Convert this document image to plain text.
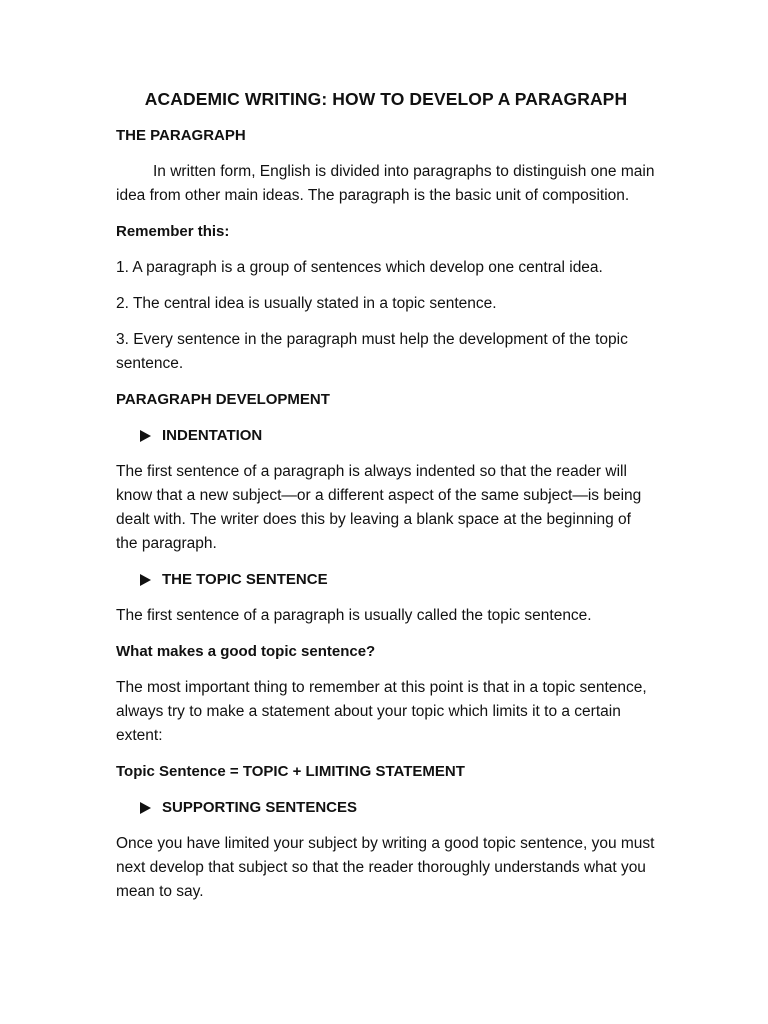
ACADEMIC WRITING: HOW TO DEVELOP A PARAGRAPH
THE PARAGRAPH
In written form, English is divided into paragraphs to distinguish one main idea from other main ideas. The paragraph is the basic unit of composition.
Remember this:
1. A paragraph is a group of sentences which develop one central idea.
2. The central idea is usually stated in a topic sentence.
3. Every sentence in the paragraph must help the development of the topic sentence.
PARAGRAPH DEVELOPMENT
INDENTATION
The first sentence of a paragraph is always indented so that the reader will know that a new subject—or a different aspect of the same subject—is being dealt with. The writer does this by leaving a blank space at the beginning of the paragraph.
THE TOPIC SENTENCE
The first sentence of a paragraph is usually called the topic sentence.
What makes a good topic sentence?
The most important thing to remember at this point is that in a topic sentence, always try to make a statement about your topic which limits it to a certain extent:
Topic Sentence = TOPIC + LIMITING STATEMENT
SUPPORTING SENTENCES
Once you have limited your subject by writing a good topic sentence, you must next develop that subject so that the reader thoroughly understands what you mean to say.
